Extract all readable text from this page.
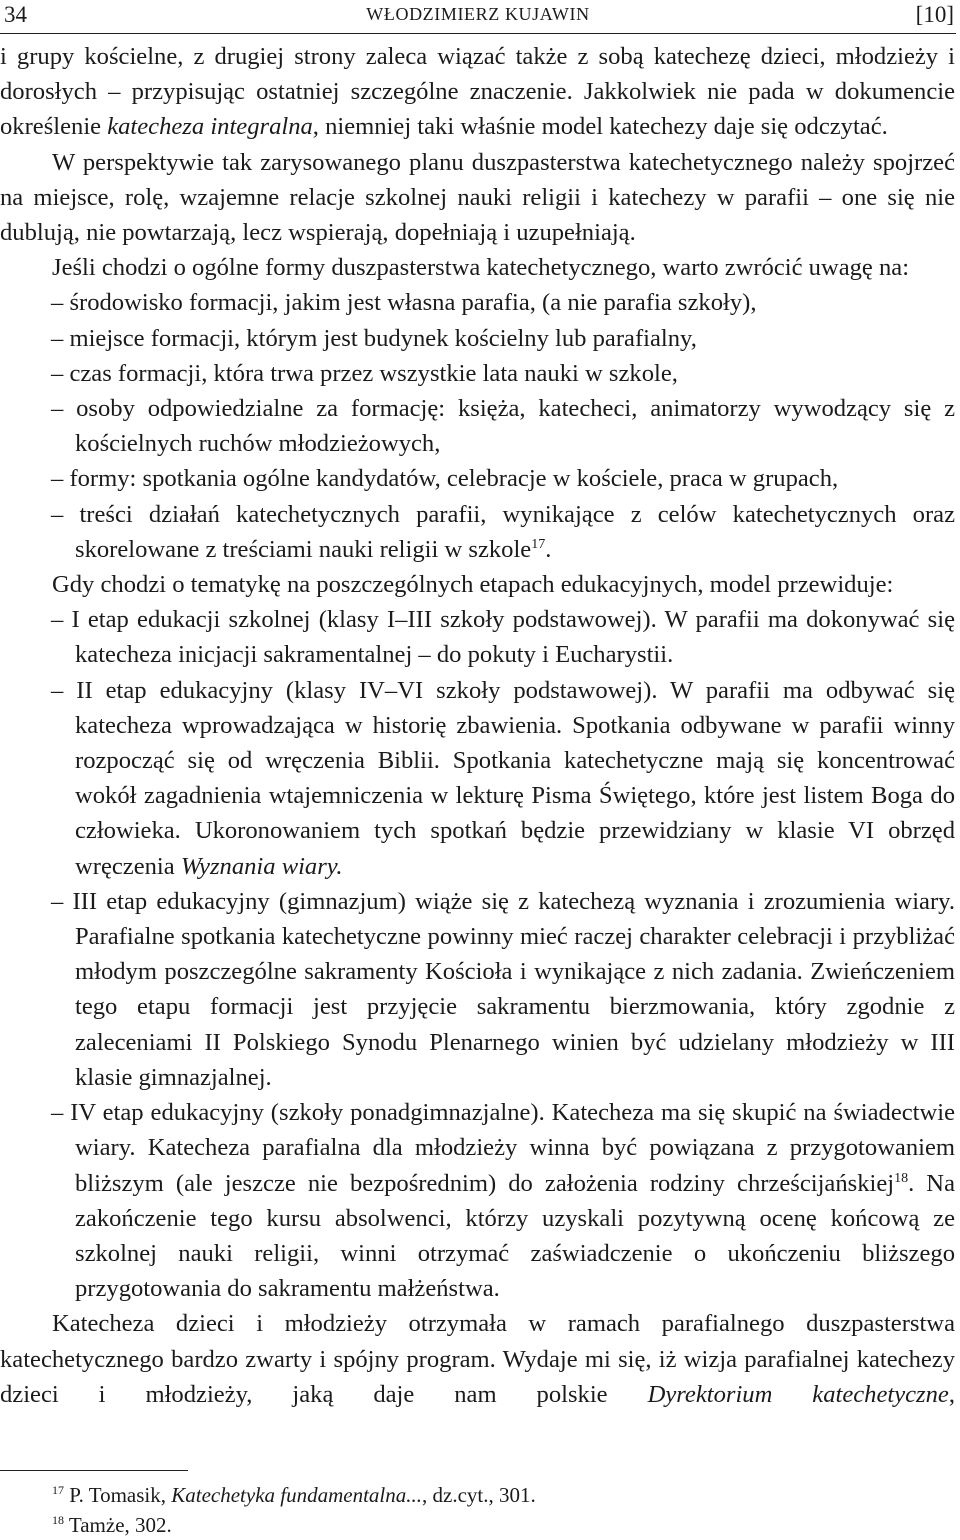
34	WŁODZIMIERZ KUJAWIN	[10]

i grupy kościelne, z drugiej strony zaleca wiązać także z sobą katechezę dzieci, młodzieży i dorosłych – przypisując ostatniej szczególne znaczenie. Jakkolwiek nie pada w dokumencie określenie katecheza integralna, niemniej taki właśnie model katechezy daje się odczytać.

W perspektywie tak zarysowanego planu duszpasterstwa katechetycznego należy spojrzeć na miejsce, rolę, wzajemne relacje szkolnej nauki religii i katechezy w parafii – one się nie dublują, nie powtarzają, lecz wspierają, dopełniają i uzupełniają.

Jeśli chodzi o ogólne formy duszpasterstwa katechetycznego, warto zwrócić uwagę na:

– środowisko formacji, jakim jest własna parafia, (a nie parafia szkoły),

– miejsce formacji, którym jest budynek kościelny lub parafialny,

– czas formacji, która trwa przez wszystkie lata nauki w szkole,

– osoby odpowiedzialne za formację: księża, katecheci, animatorzy wywodzący się z kościelnych ruchów młodzieżowych,

– formy: spotkania ogólne kandydatów, celebracje w kościele, praca w grupach,

– treści działań katechetycznych parafii, wynikające z celów katechetycznych oraz skorelowane z treściami nauki religii w szkole$^{17}$.

Gdy chodzi o tematykę na poszczególnych etapach edukacyjnych, model przewiduje:

– I etap edukacji szkolnej (klasy I–III szkoły podstawowej). W parafii ma dokonywać się katecheza inicjacji sakramentalnej – do pokuty i Eucharystii.

– II etap edukacyjny (klasy IV–VI szkoły podstawowej). W parafii ma odbywać się katecheza wprowadzająca w historię zbawienia. Spotkania odbywane w parafii winny rozpocząć się od wręczenia Biblii. Spotkania katechetyczne mają się koncentrować wokół zagadnienia wtajemniczenia w lekturę Pisma Świętego, które jest listem Boga do człowieka. Ukoronowaniem tych spotkań będzie przewidziany w klasie VI obrzęd wręczenia Wyznania wiary.

– III etap edukacyjny (gimnazjum) wiąże się z katechezą wyznania i zrozumienia wiary. Parafialne spotkania katechetyczne powinny mieć raczej charakter celebracji i przybliżać młodym poszczególne sakramenty Kościoła i wynikające z nich zadania. Zwieńczeniem tego etapu formacji jest przyjęcie sakramentu bierzmowania, który zgodnie z zaleceniami II Polskiego Synodu Plenarnego winien być udzielany młodzieży w III klasie gimnazjalnej.

– IV etap edukacyjny (szkoły ponadgimnazjalne). Katecheza ma się skupić na świadectwie wiary. Katecheza parafialna dla młodzieży winna być powiązana z przygotowaniem bliższym (ale jeszcze nie bezpośrednim) do założenia rodziny chrześcijańskiej$^{18}$. Na zakończenie tego kursu absolwenci, którzy uzyskali pozytywną ocenę końcową ze szkolnej nauki religii, winni otrzymać zaświadczenie o ukończeniu bliższego przygotowania do sakramentu małżeństwa.

Katecheza dzieci i młodzieży otrzymała w ramach parafialnego duszpasterstwa katechetycznego bardzo zwarty i spójny program. Wydaje mi się, iż wizja parafialnej katechezy dzieci i młodzieży, jaką daje nam polskie Dyrektorium katechetyczne,

$^{17}$ P. Tomasik, Katechetyka fundamentalna..., dz.cyt., 301.
$^{18}$ Tamże, 302.
